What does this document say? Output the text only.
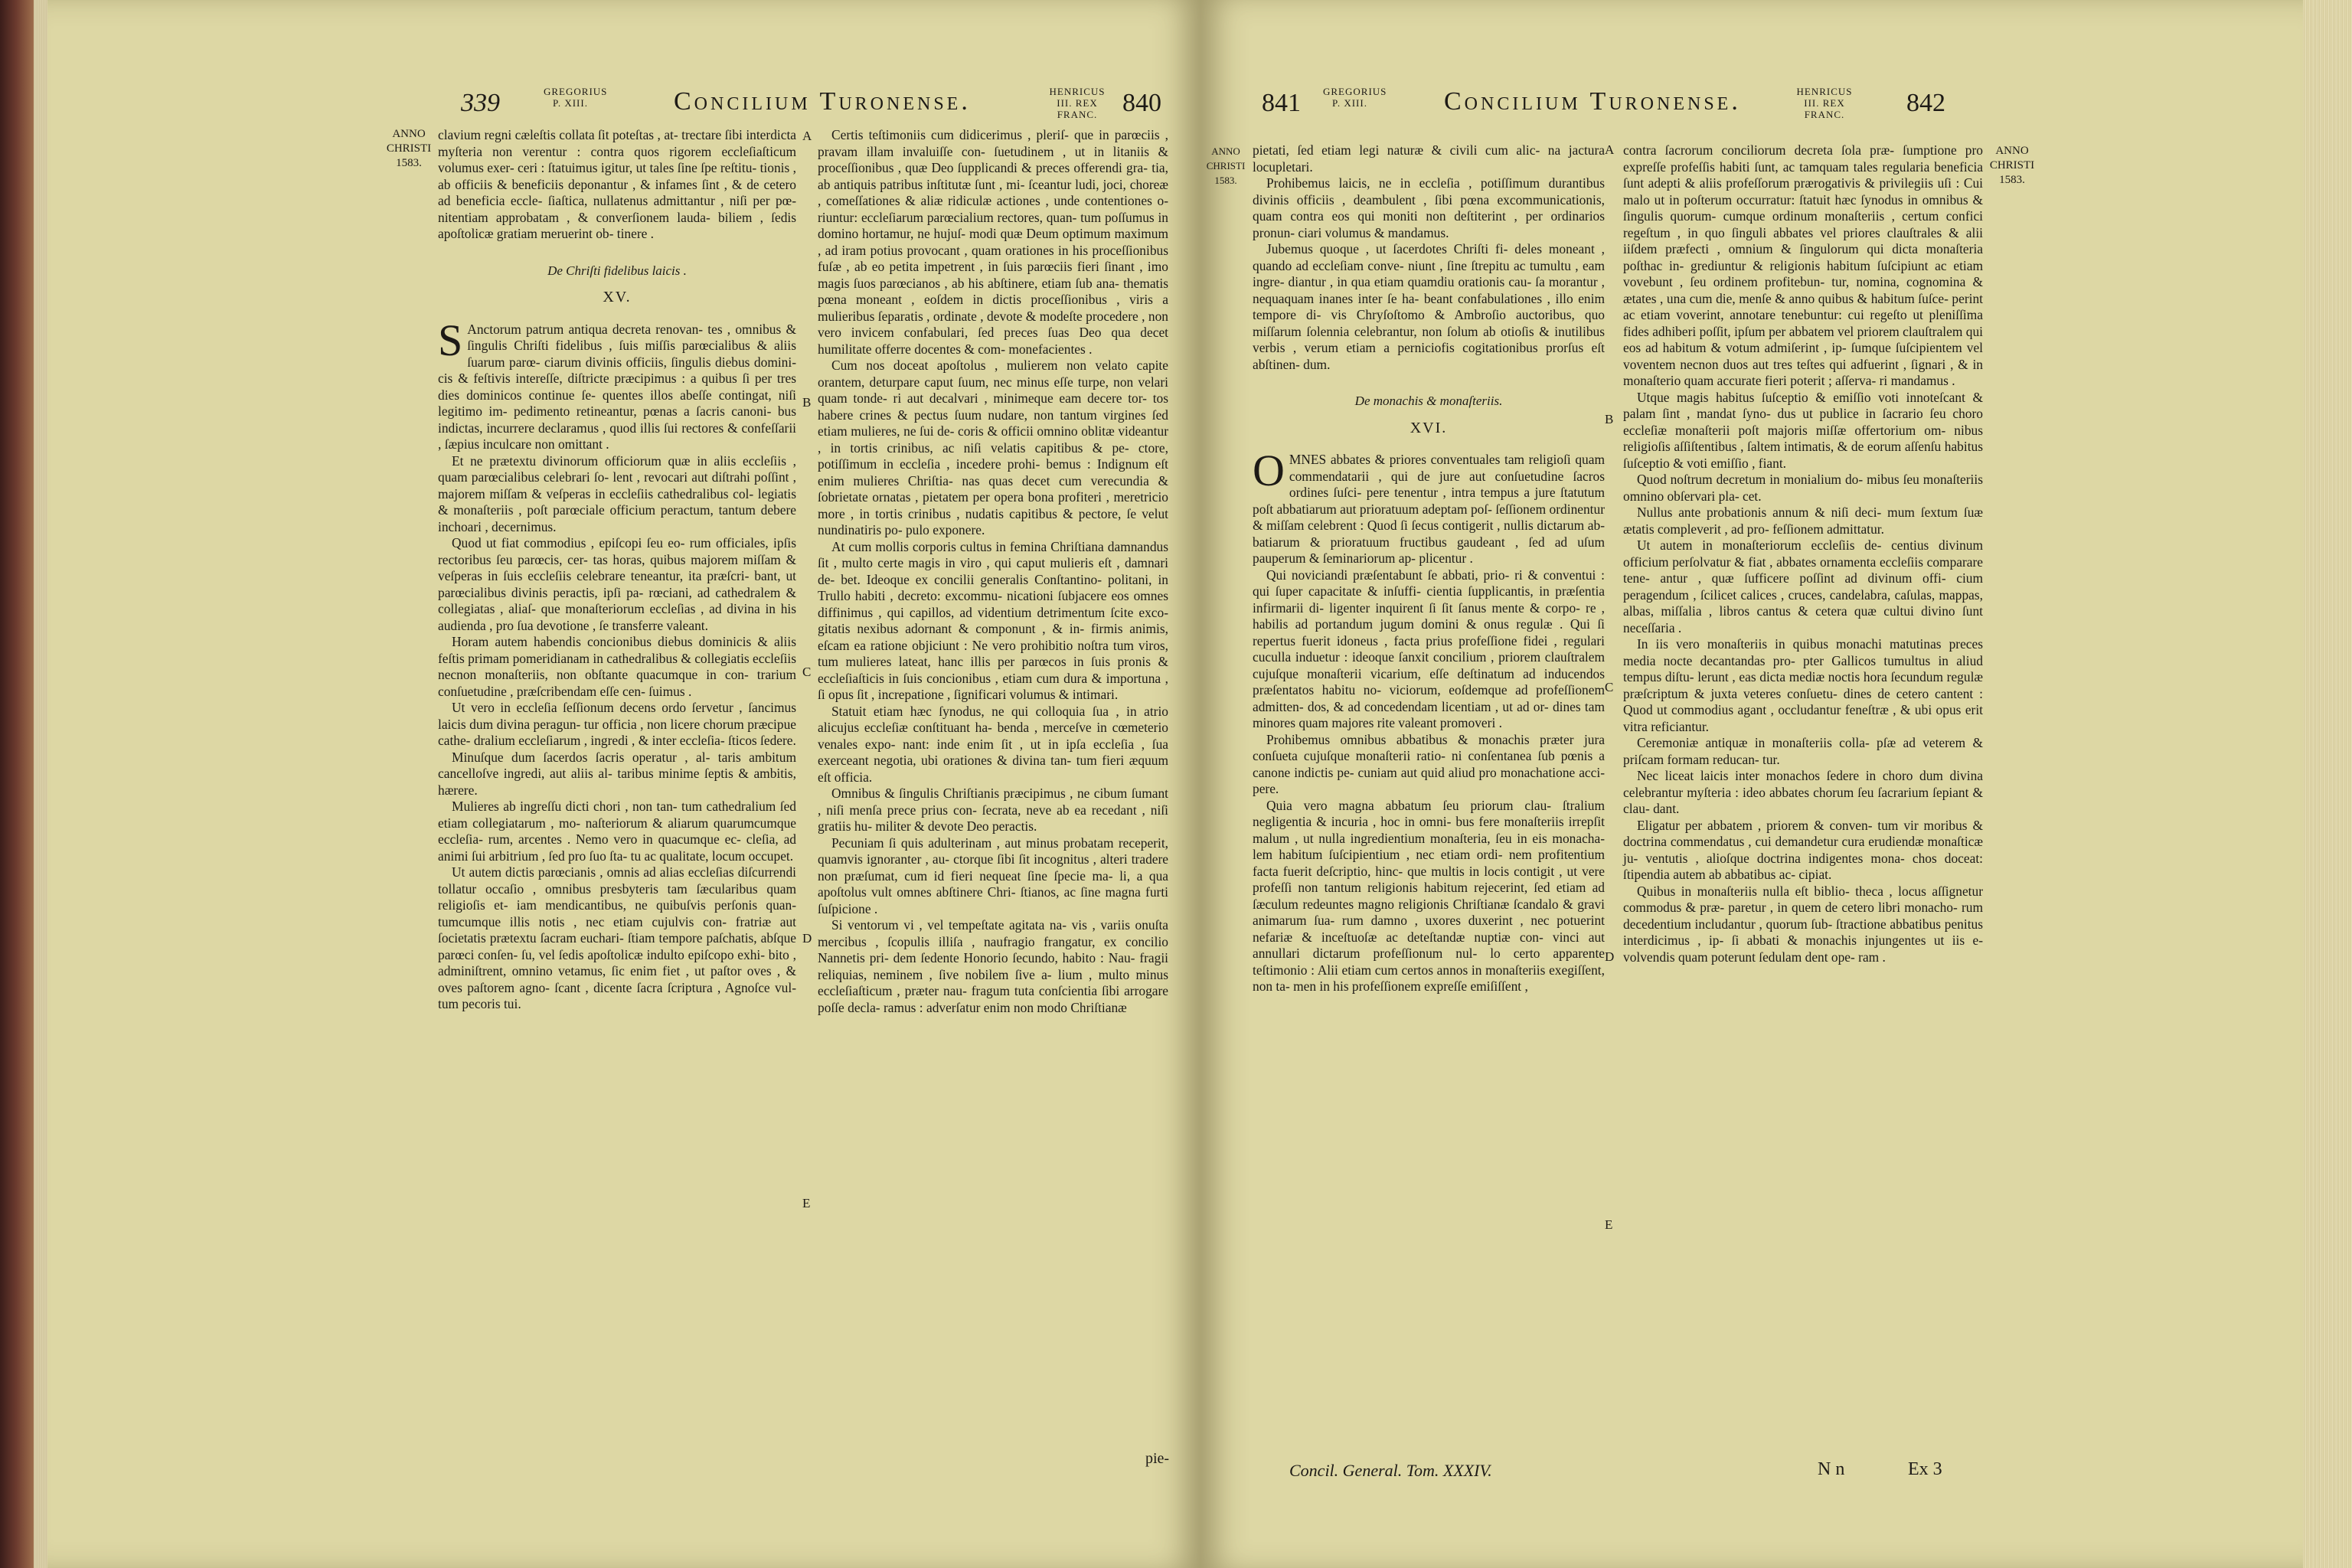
339	GREGORIUS P. XIII.	Concilium Turonense.	HENRICUS III. REX FRANC. 840
ANNO CHRISTI 1583.

clavium regni cæleſtis collata ſit poteſtas , at- trectare ſibi interdicta myſteria non verentur : contra quos rigorem eccleſiaſticum volumus exer- ceri : ſtatuimus igitur, ut tales ſine ſpe reſtitu- tionis , ab officiis & beneficiis deponantur , & infames ſint , & de cetero ad beneficia eccle- ſiaſtica, nullatenus admittantur , niſi per pœ- nitentiam approbatam , & converſionem lauda- biliem , ſedis apoſtolicæ gratiam meruerint ob- tinere .

De Chriſti fidelibus laicis .
XV.

S Anctorum patrum antiqua decreta renovan- tes , omnibus & ſingulis Chriſti fidelibus , ſuis miſſis parœcialibus & aliis ſuarum parœ- ciarum divinis officiis, ſingulis diebus domini- cis & feſtivis intereſſe, diſtricte præcipimus : a quibus ſi per tres dies dominicos continue ſe- quentes illos abeſſe contingat, niſi legitimo im- pedimento retineantur, pœnas a ſacris canoni- bus indictas, incurrere declaramus , quod illis ſui rectores & confeſſarii , ſæpius inculcare non omittant .

Et ne prætextu divinorum officiorum quæ in aliis eccleſiis , quam parœcialibus celebrari ſo- lent , revocari aut diſtrahi poſſint , majorem miſſam & veſperas in eccleſiis cathedralibus col- legiatis & monaſteriis , poſt parœciale officium peractum, tantum debere inchoari , decernimus.

Quod ut fiat commodius , epiſcopi ſeu eo- rum officiales, ipſis rectoribus ſeu parœcis, cer- tas horas, quibus majorem miſſam & veſperas in ſuis eccleſiis celebrare teneantur, ita præſcri- bant, ut parœcialibus divinis peractis, ipſi pa- rœciani, ad cathedralem & collegiatas , aliaſ- que monaſteriorum eccleſias , ad divina in his audienda , pro ſua devotione , ſe transferre valeant.

Horam autem habendis concionibus diebus dominicis & aliis feſtis primam pomeridianam in cathedralibus & collegiatis eccleſiis necnon monaſteriis, non obſtante quacumque in con- trarium conſuetudine , præſcribendam eſſe cen- ſuimus .

Ut vero in eccleſia ſeſſionum decens ordo ſervetur , ſancimus laicis dum divina peragun- tur officia , non licere chorum præcipue cathe- dralium eccleſiarum , ingredi , & inter eccleſia- ſticos ſedere.

Minuſque dum ſacerdos ſacris operatur , al- taris ambitum cancelloſve ingredi, aut aliis al- taribus minime ſeptis & ambitis, hærere.

Mulieres ab ingreſſu dicti chori , non tan- tum cathedralium ſed etiam collegiatarum , mo- naſteriorum & aliarum quarumcumque eccleſia- rum, arcentes . Nemo vero in quacumque ec- cleſia, ad animi ſui arbitrium , ſed pro ſuo ſta- tu ac qualitate, locum occupet.

Ut autem dictis parœcianis , omnis ad alias eccleſias diſcurrendi tollatur occaſio , omnibus presbyteris tam ſæcularibus quam religioſis et- iam mendicantibus, ne quibuſvis perſonis quan- tumcumque illis notis , nec etiam cujulvis con- fratriæ aut ſocietatis prætextu ſacram euchari- ſtiam tempore paſchatis, abſque parœci conſen- ſu, vel ſedis apoſtolicæ indulto epiſcopo exhi- bito , adminiſtrent, omnino vetamus, ſic enim fiet , ut paſtor oves , & oves paſtorem agno- ſcant , dicente ſacra ſcriptura , Agnoſce vul- tum pecoris tui.

A
B
C
D
E

Certis teſtimoniis cum didicerimus , pleriſ- que in parœciis , pravam illam invaluiſſe con- ſuetudinem , ut in litaniis & proceſſionibus , quæ Deo ſupplicandi & preces offerendi gra- tia, ab antiquis patribus inſtitutæ ſunt , mi- ſceantur ludi, joci, choreæ , comeſſationes & aliæ ridiculæ actiones , unde contentiones o- riuntur: eccleſiarum parœcialium rectores, quan- tum poſſumus in domino hortamur, ne hujuſ- modi quæ Deum optimum maximum , ad iram potius provocant , quam orationes in his proceſſionibus fuſæ , ab eo petita impetrent , in ſuis parœciis fieri ſinant , imo magis ſuos parœcianos , ab his abſtinere, etiam ſub ana- thematis pœna moneant , eoſdem in dictis proceſſionibus , viris a mulieribus ſeparatis , ordinate , devote & modeſte procedere , non vero invicem confabulari, ſed preces ſuas Deo qua decet humilitate offerre docentes & com- monefacientes .

Cum nos doceat apoſtolus , mulierem non velato capite orantem, deturpare caput ſuum, nec minus eſſe turpe, non velari quam tonde- ri aut decalvari , minimeque eam decere tor- tos habere crines & pectus ſuum nudare, non tantum virgines ſed etiam mulieres, ne ſui de- coris & officii omnino oblitæ videantur , in tortis crinibus, ac niſi velatis capitibus & pe- ctore, potiſſimum in eccleſia , incedere prohi- bemus : Indignum eſt enim mulieres Chriſtia- nas quas decet cum verecundia & ſobrietate ornatas , pietatem per opera bona profiteri , meretricio more , in tortis crinibus , nudatis capitibus & pectore, ſe velut nundinatiris po- pulo exponere.

At cum mollis corporis cultus in femina Chriſtiana damnandus ſit , multo certe magis in viro , qui caput mulieris eſt , damnari de- bet. Ideoque ex concilii generalis Conſtantino- politani, in Trullo habiti , decreto: excommu- nicationi ſubjacere eos omnes diffinimus , qui capillos, ad videntium detrimentum ſcite exco- gitatis nexibus adornant & componunt , & in- firmis animis, eſcam ea ratione objiciunt : Ne vero prohibitio noſtra tum viros, tum mulieres lateat, hanc illis per parœcos in ſuis pronis & eccleſiaſticis in ſuis concionibus , etiam cum dura & importuna , ſi opus ſit , increpatione , ſignificari volumus & intimari.

Statuit etiam hæc ſynodus, ne qui colloquia ſua , in atrio alicujus eccleſiæ conſtituant ha- benda , merceſve in cœmeterio venales expo- nant: inde enim ſit , ut in ipſa eccleſia , ſua exerceant negotia, ubi orationes & divina tan- tum fieri æquum eſt officia.

Omnibus & ſingulis Chriſtianis præcipimus , ne cibum ſumant , niſi menſa prece prius con- ſecrata, neve ab ea recedant , niſi gratiis hu- militer & devote Deo peractis.

Pecuniam ſi quis adulterinam , aut minus probatam receperit, quamvis ignoranter , au- ctorque ſibi ſit incognitus , alteri tradere non præſumat, cum id fieri nequeat ſine ſpecie ma- li, a qua apoſtolus vult omnes abſtinere Chri- ſtianos, ac ſine magna furti ſuſpicione .

Si ventorum vi , vel tempeſtate agitata na- vis , variis onuſta mercibus , ſcopulis illiſa , naufragio frangatur, ex concilio Nannetis pri- dem ſedente Honorio ſecundo, habito : Nau- fragii reliquias, neminem , ſive nobilem ſive a- lium , multo minus eccleſiaſticum , præter nau- fragum tuta conſcientia ſibi arrogare poſſe decla- ramus : adverſatur enim non modo Chriſtianæ

pie-
841 GREGORIUS P. XIII.	Concilium Turonense.	HENRICUS III. REX FRANC.	842
ANNO CHRISTI 1583.
ANNO CHRISTI 1583.

pietati, ſed etiam legi naturæ & civili cum alic- na jactura locupletari.

Prohibemus laicis, ne in eccleſia , potiſſimum durantibus divinis officiis , deambulent , ſibi pœna excommunicationis, quam contra eos qui moniti non deſtiterint , per ordinarios pronun- ciari volumus & mandamus.

Jubemus quoque , ut ſacerdotes Chriſti fi- deles moneant , quando ad eccleſiam conve- niunt , ſine ſtrepitu ac tumultu , eam ingre- diantur , in qua etiam quamdiu orationis cau- ſa morantur , nequaquam inanes inter ſe ha- beant confabulationes , illo enim tempore di- vis Chryſoſtomo & Ambroſio auctoribus, quo miſſarum ſolennia celebrantur, non ſolum ab otioſis & inutilibus verbis , verum etiam a perniciofis cogitationibus prorſus eſt abſtinen- dum.

De monachis & monaſteriis.
XVI.

OMNES abbates & priores conventuales tam religioſi quam commendatarii , qui de jure aut conſuetudine ſacros ordines ſuſci- pere tenentur , intra tempus a jure ſtatutum poſt abbatiarum aut prioratuum adeptam poſ- ſeſſionem ordinentur & miſſam celebrent : Quod ſi ſecus contigerit , nullis dictarum ab- batiarum & prioratuum fructibus gaudeant , ſed ad uſum pauperum & ſeminariorum ap- plicentur .

Qui noviciandi præſentabunt ſe abbati, prio- ri & conventui : qui ſuper capacitate & inſuffi- cientia ſupplicantis, in præſentia infirmarii di- ligenter inquirent ſi ſit ſanus mente & corpo- re , habilis ad portandum jugum domini & onus regulæ . Qui ſi repertus fuerit idoneus , facta prius profeſſione fidei , regulari cuculla induetur : ideoque ſanxit concilium , priorem clauſtralem cujuſque monaſterii vicarium, eſſe deſtinatum ad inducendos præſentatos habitu no- viciorum, eoſdemque ad profeſſionem admitten- dos, & ad concedendam licentiam , ut ad or- dines tam minores quam majores rite valeant promoveri .

Prohibemus omnibus abbatibus & monachis præter jura conſueta cujuſque monaſterii ratio- ni conſentanea ſub pœnis a canone indictis pe- cuniam aut quid aliud pro monachatione acci- pere.

Quia vero magna abbatum ſeu priorum clau- ſtralium negligentia & incuria , hoc in omni- bus fere monaſteriis irrepſit malum , ut nulla ingredientium monaſteria, ſeu in eis monacha- lem habitum ſuſcipientium , nec etiam ordi- nem profitentium facta fuerit deſcriptio, hinc- que multis in locis contigit , ut vere profeſſi non tantum religionis habitum rejecerint, ſed etiam ad ſæculum redeuntes magno religionis Chriſtianæ ſcandalo & gravi animarum ſua- rum damno , uxores duxerint , nec potuerint nefariæ & inceſtuoſæ ac deteſtandæ nuptiæ con- vinci aut annullari dictarum profeſſionum nul- lo certo apparente teſtimonio : Alii etiam cum certos annos in monaſteriis exegiſſent, non ta- men in his profeſſionem expreſſe emiſiſſent ,

A
B
C
D
E

contra ſacrorum conciliorum decreta ſola præ- ſumptione pro expreſſe profeſſis habiti ſunt, ac tamquam tales regularia beneficia ſunt adepti & aliis profeſſorum prærogativis & privilegiis uſi : Cui malo ut in poſterum occurratur: ſtatuit hæc ſynodus in omnibus & ſingulis quorum- cumque ordinum monaſteriis , certum confici regeſtum , in quo ſinguli abbates vel priores clauſtrales & alii iiſdem præfecti , omnium & ſingulorum qui dicta monaſteria poſthac in- grediuntur & religionis habitum ſuſcipiunt ac etiam vovebunt , ſeu ordinem profitebun- tur, nomina, cognomina & ætates , una cum die, menſe & anno quibus & habitum ſuſce- perint ac etiam voverint, annotare tenebuntur: cui regeſto ut pleniſſima fides adhiberi poſſit, ipſum per abbatem vel priorem clauſtralem qui eos ad habitum & votum admiſerint , ip- ſumque ſuſcipientem vel voventem necnon duos aut tres teſtes qui adfuerint , ſignari , & in monaſterio quam accurate fieri poterit ; aſſerva- ri mandamus .

Utque magis habitus ſuſceptio & emiſſio voti innoteſcant & palam ſint , mandat ſyno- dus ut publice in ſacrario ſeu choro eccleſiæ monaſterii poſt majoris miſſæ offertorium om- nibus religioſis aſſiſtentibus , ſaltem intimatis, & de eorum aſſenſu habitus ſuſceptio & voti emiſſio , fiant.

Quod noſtrum decretum in monialium do- mibus ſeu monaſteriis omnino obſervari pla- cet.

Nullus ante probationis annum & niſi deci- mum ſextum ſuæ ætatis compleverit , ad pro- feſſionem admittatur.

Ut autem in monaſteriorum eccleſiis de- centius divinum officium perſolvatur & fiat , abbates ornamenta eccleſiis comparare tene- antur , quæ ſufficere poſſint ad divinum offi- cium peragendum , ſcilicet calices , cruces, candelabra, caſulas, mappas, albas, miſſalia , libros cantus & cetera quæ cultui divino ſunt neceſſaria .

In iis vero monaſteriis in quibus monachi matutinas preces media nocte decantandas pro- pter Gallicos tumultus in aliud tempus diſtu- lerunt , eas dicta mediæ noctis hora ſecundum regulæ præſcriptum & juxta veteres conſuetu- dines de cetero cantent : Quod ut commodius agant , occludantur feneſtræ , & ubi opus erit vitra reficiantur.

Ceremoniæ antiquæ in monaſteriis colla- pſæ ad veterem & priſcam formam reducan- tur.

Nec liceat laicis inter monachos ſedere in choro dum divina celebrantur myſteria : ideo abbates chorum ſeu ſacrarium ſepiant & clau- dant.

Eligatur per abbatem , priorem & conven- tum vir moribus & doctrina commendatus , cui demandetur cura erudiendæ monaſticæ ju- ventutis , alioſque doctrina indigentes mona- chos doceat: ſtipendia autem ab abbatibus ac- cipiat.

Quibus in monaſteriis nulla eſt biblio- theca , locus aſſignetur commodus & præ- paretur , in quem de cetero libri monacho- rum decedentium includantur , quorum ſub- ſtractione abbatibus penitus interdicimus , ip- ſi abbati & monachis injungentes ut iis e- volvendis quam poterunt ſedulam dent ope- ram .

Concil. General. Tom. XXXIV.	N n	Ex 3
